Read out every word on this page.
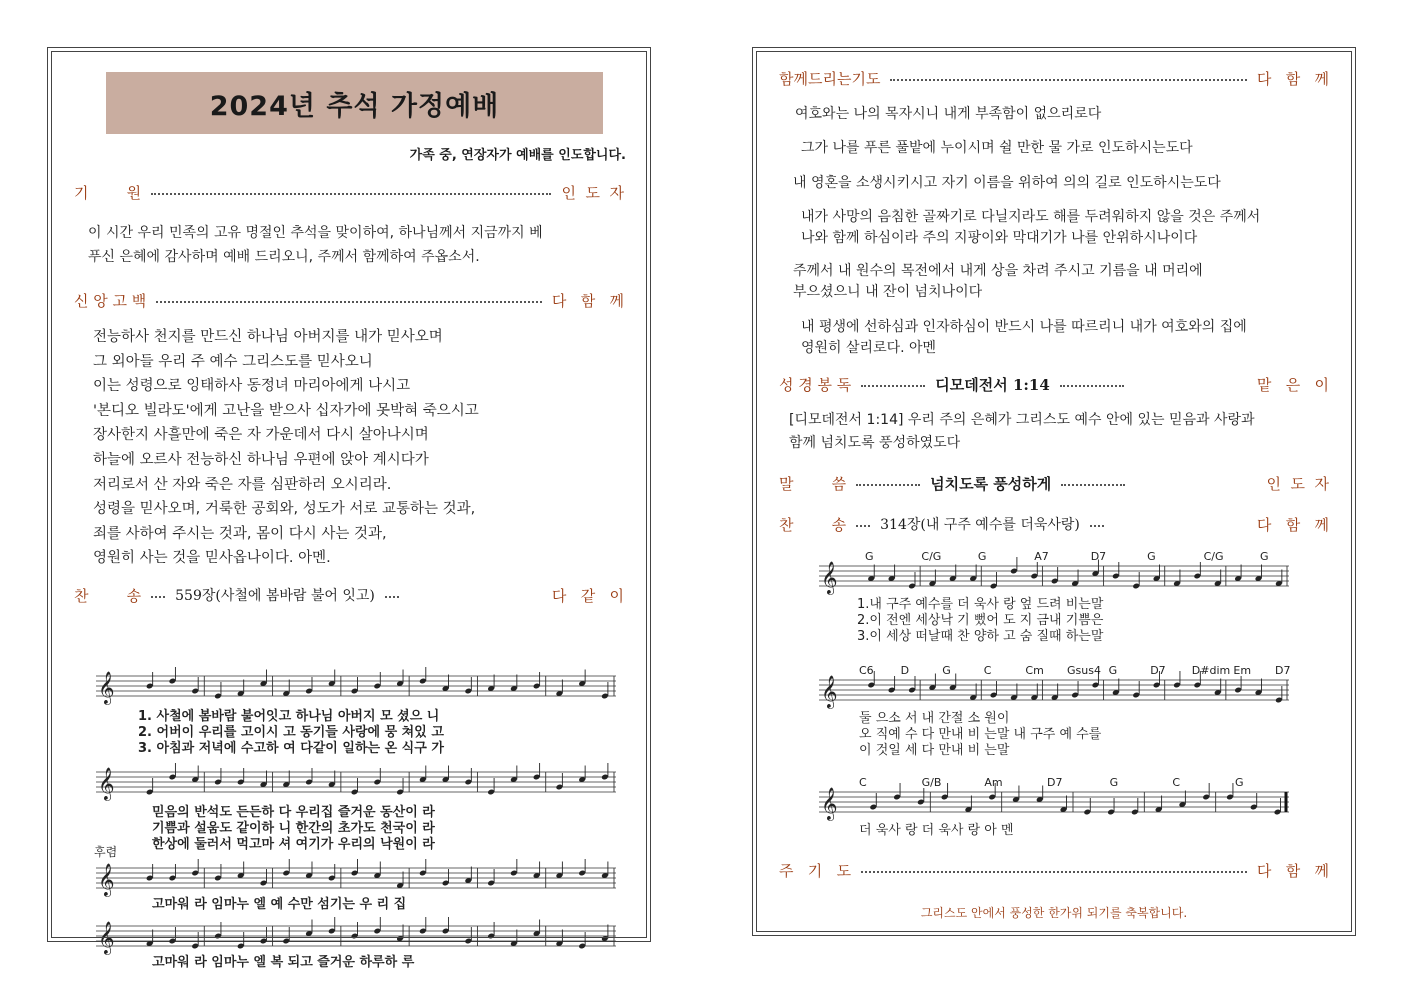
2024년 추석 가정예배
가족 중, 연장자가 예배를 인도합니다.
기        원	인  도  자
이 시간 우리 민족의 고유 명절인 추석을 맞이하여, 하나님께서 지금까지 베
푸신 은혜에 감사하며 예배 드리오니, 주께서 함께하여 주옵소서.
신 앙 고 백	다   함   께
전능하사 천지를 만드신 하나님 아버지를 내가 믿사오며
그 외아들 우리 주 예수 그리스도를 믿사오니
이는 성령으로 잉태하사 동정녀 마리아에게 나시고
'본디오 빌라도'에게 고난을 받으사 십자가에 못박혀 죽으시고
장사한지 사흘만에 죽은 자 가운데서 다시 살아나시며
하늘에 오르사 전능하신 하나님 우편에 앉아 계시다가
저리로서 산 자와 죽은 자를 심판하러 오시리라.
성령을 믿사오며, 거룩한 공회와, 성도가 서로 교통하는 것과,
죄를 사하여 주시는 것과, 몸이 다시 사는 것과,
영원히 사는 것을 믿사옵나이다. 아멘.
찬        송 559장(사철에 봄바람 불어 잇고)	다   같   이
𝄞
𝄞
𝄞
𝄞
1. 사철에 봄바람 불어잇고 하나님 아버지 모 셨으 니
2. 어버이 우리를 고이시 고 동기들 사랑에 뭉 쳐있 고
3. 아침과 저녁에 수고하 여 다같이 일하는 온 식구 가
믿음의 반석도 든든하 다 우리집 즐거운 동산이 라
기쁨과 설움도 같이하 니 한간의 초가도 천국이 라
한상에 둘러서 먹고마 셔 여기가 우리의 낙원이 라
후렴
고마워 라 임마누 엘 예 수만 섬기는 우 리 집
고마워 라 임마누 엘 복 되고 즐거운 하루하 루
함께드리는기도	다   함   께
여호와는 나의 목자시니 내게 부족함이 없으리로다
그가 나를 푸른 풀밭에 누이시며 쉴 만한 물 가로 인도하시는도다
내 영혼을 소생시키시고 자기 이름을 위하여 의의 길로 인도하시는도다
내가 사망의 음침한 골짜기로 다닐지라도 해를 두려워하지 않을 것은 주께서
나와 함께 하심이라 주의 지팡이와 막대기가 나를 안위하시나이다
주께서 내 원수의 목전에서 내게 상을 차려 주시고 기름을 내 머리에
부으셨으니 내 잔이 넘치나이다
내 평생에 선하심과 인자하심이 반드시 나를 따르리니 내가 여호와의 집에
영원히 살리로다. 아멘
성 경 봉 독	디모데전서 1:14	맡   은   이
[디모데전서 1:14] 우리 주의 은혜가 그리스도 예수 안에 있는 믿음과 사랑과
함께 넘치도록 풍성하였도다
말        씀	넘치도록 풍성하게	인  도  자
찬        송 314장(내 구주 예수를 더욱사랑)	다   함   께
𝄞
𝄞
𝄞
1.내 구주 예수를 더 욱사 랑 엎 드려 비는말
2.이 전엔 세상낙 기 뻤어 도 지 금내 기쁨은
3.이 세상 떠날때 찬 양하 고 숨 질때 하는말
둘 으소 서 내 간절 소 원이
오 직예 수 다 만내 비 는말 내 구주 예 수를
이 것일 세 다 만내 비 는말
더 욱사 랑 더 욱사 랑 아 멘
G	C/G	G	A7	D7	G	C/G	G
C6 D	G	C	Cm Gsus4 G	D7 D#dim Em D7
C	G/B	Am	D7	G	C	G
주   기   도	다   함   께
그리스도 안에서 풍성한 한가위 되기를 축복합니다.
